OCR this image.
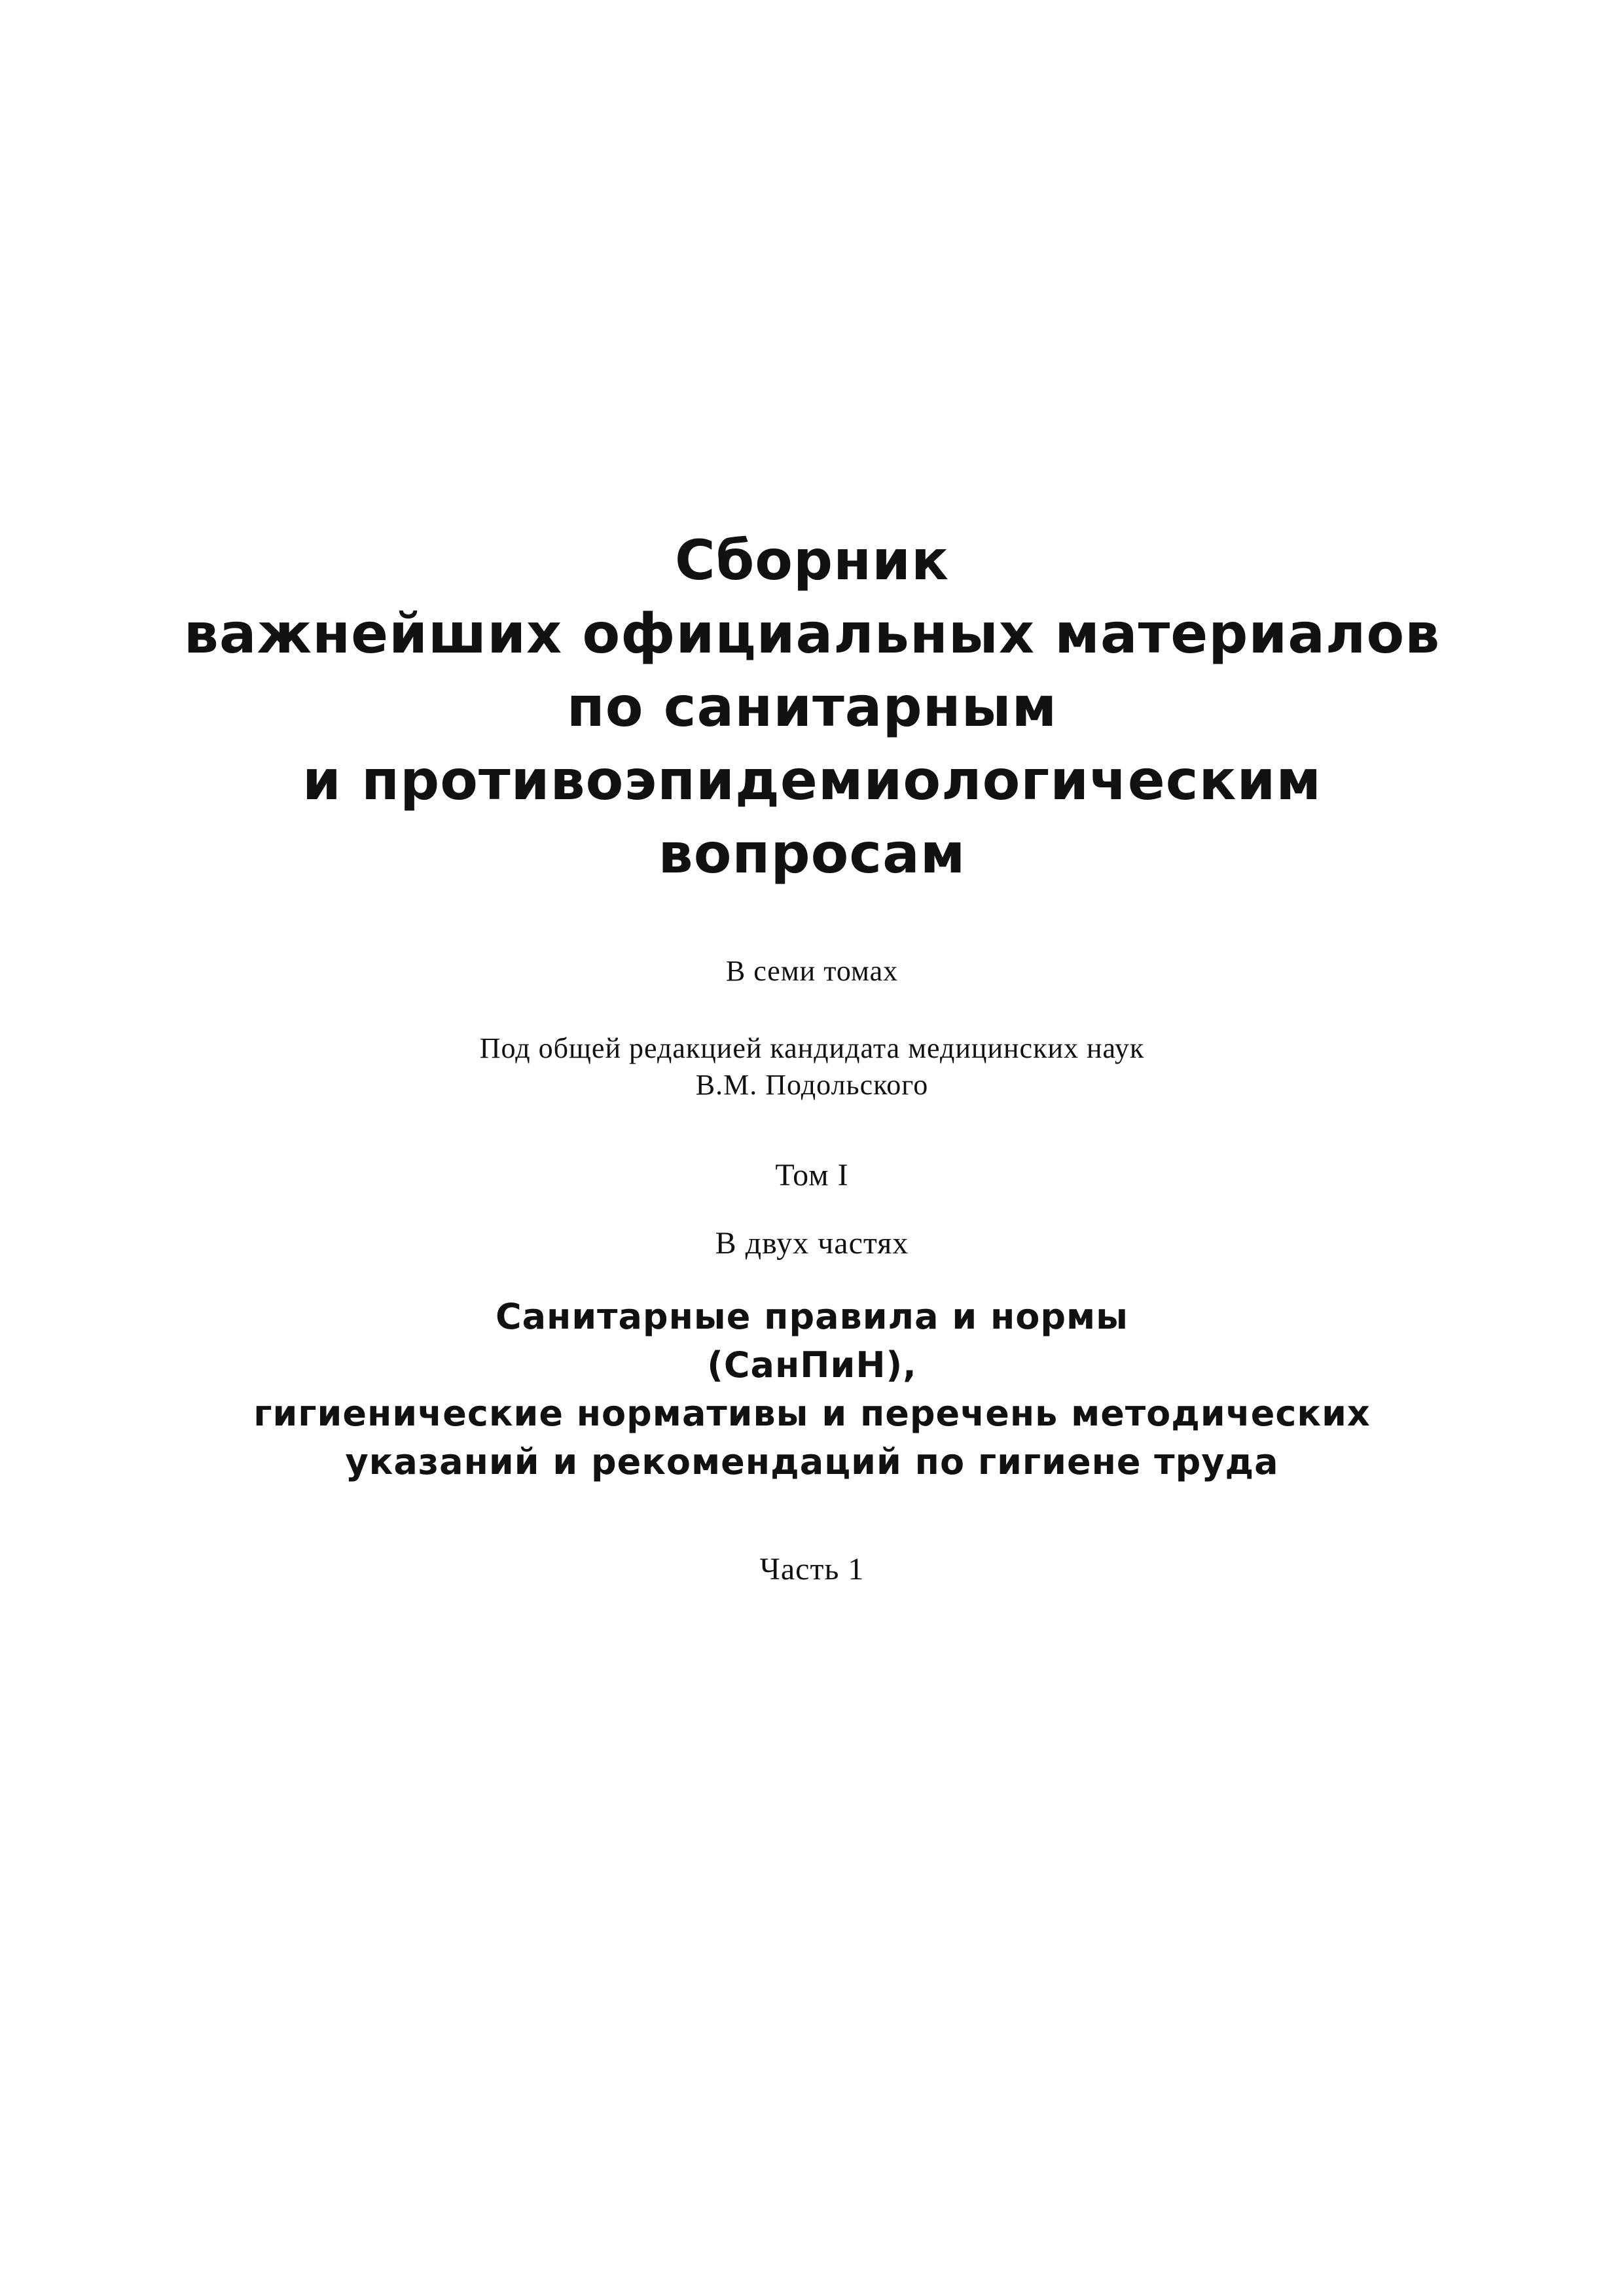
Сборник
важнейших официальных материалов
по санитарным
и противоэпидемиологическим
вопросам
В семи томах
Под общей редакцией кандидата медицинских наук
В.М. Подольского
Том I
В двух частях
Санитарные правила и нормы
(СанПиН),
гигиенические нормативы и перечень методических
указаний и рекомендаций по гигиене труда
Часть 1
